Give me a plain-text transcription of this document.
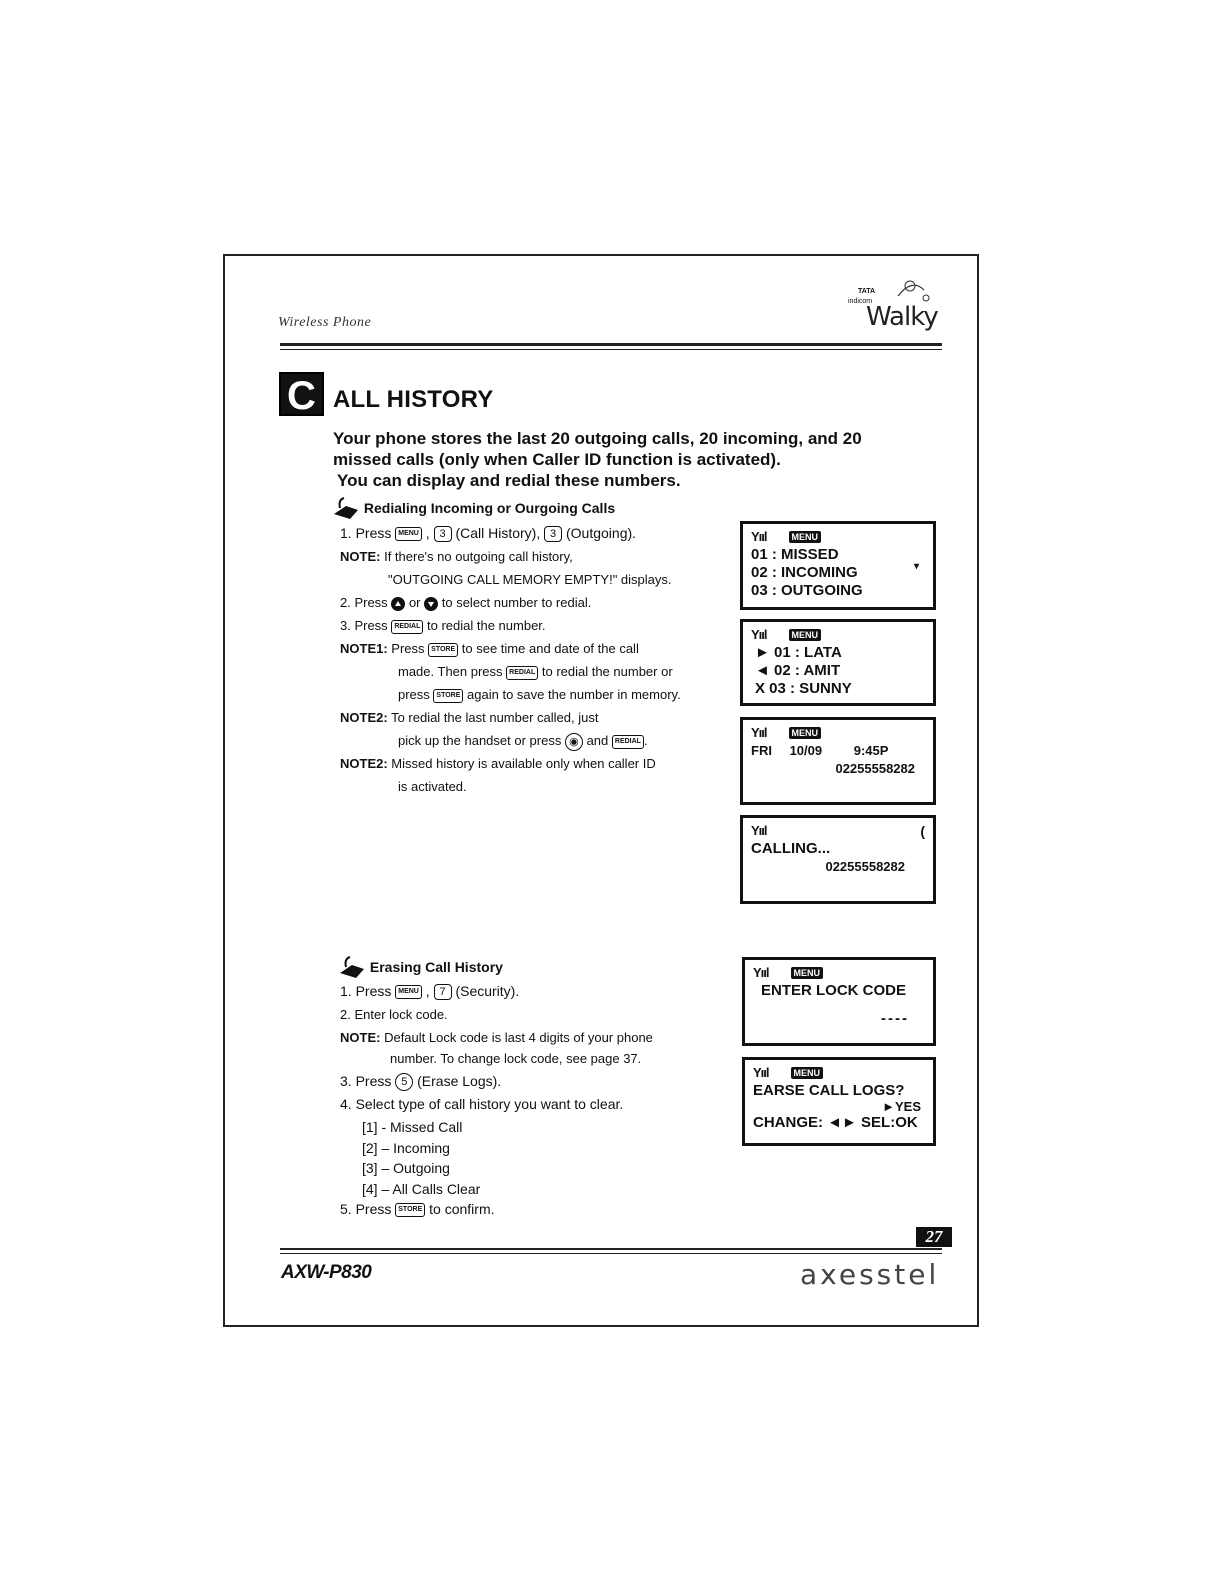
Wireless Phone
TATA
indicom
Walky
C ALL HISTORY

Your phone stores the last 20 outgoing calls, 20 incoming, and 20

missed calls (only when Caller ID function is activated).

You can display and redial these numbers.

Redialing Incoming or Ourgoing Calls
1. Press MENU , 3 (Call History), 3 (Outgoing).
NOTE: If there's no outgoing call history,
"OUTGOING CALL MEMORY EMPTY!" displays.
2. Press or to select number to redial.
3. Press REDIAL to redial the number.
NOTE1: Press STORE to see time and date of the call
made. Then press REDIAL to redial the number or
press STORE again to save the number in memory.
NOTE2: To redial the last number called, just
pick up the handset or press ◉ and REDIAL .
NOTE2: Missed history is available only when caller ID
is activated.
Erasing Call History
1. Press MENU , 7 (Security).
2. Enter lock code.
NOTE: Default Lock code is last 4 digits of your phone
number. To change lock code, see page 37.
3. Press 5 (Erase Logs).
4. Select type of call history you want to clear.
[1] - Missed Call
[2] – Incoming
[3] – Outgoing
[4] – All Calls Clear
5. Press STORE to confirm.
Yııl	MENU
01 : MISSED
02 : INCOMING
03 : OUTGOING
▾
Yııl	MENU
► 01 : LATA
◄ 02 : AMIT
X 03 : SUNNY
Yııl	MENU
FRI 10/09 9:45P
02255558282
Yııl	(
CALLING...
02255558282
Yııl	MENU
ENTER LOCK CODE
----
Yııl	MENU
EARSE CALL LOGS?
►YES
CHANGE: ◄► SEL:OK
27
AXW-P830	axesstel
